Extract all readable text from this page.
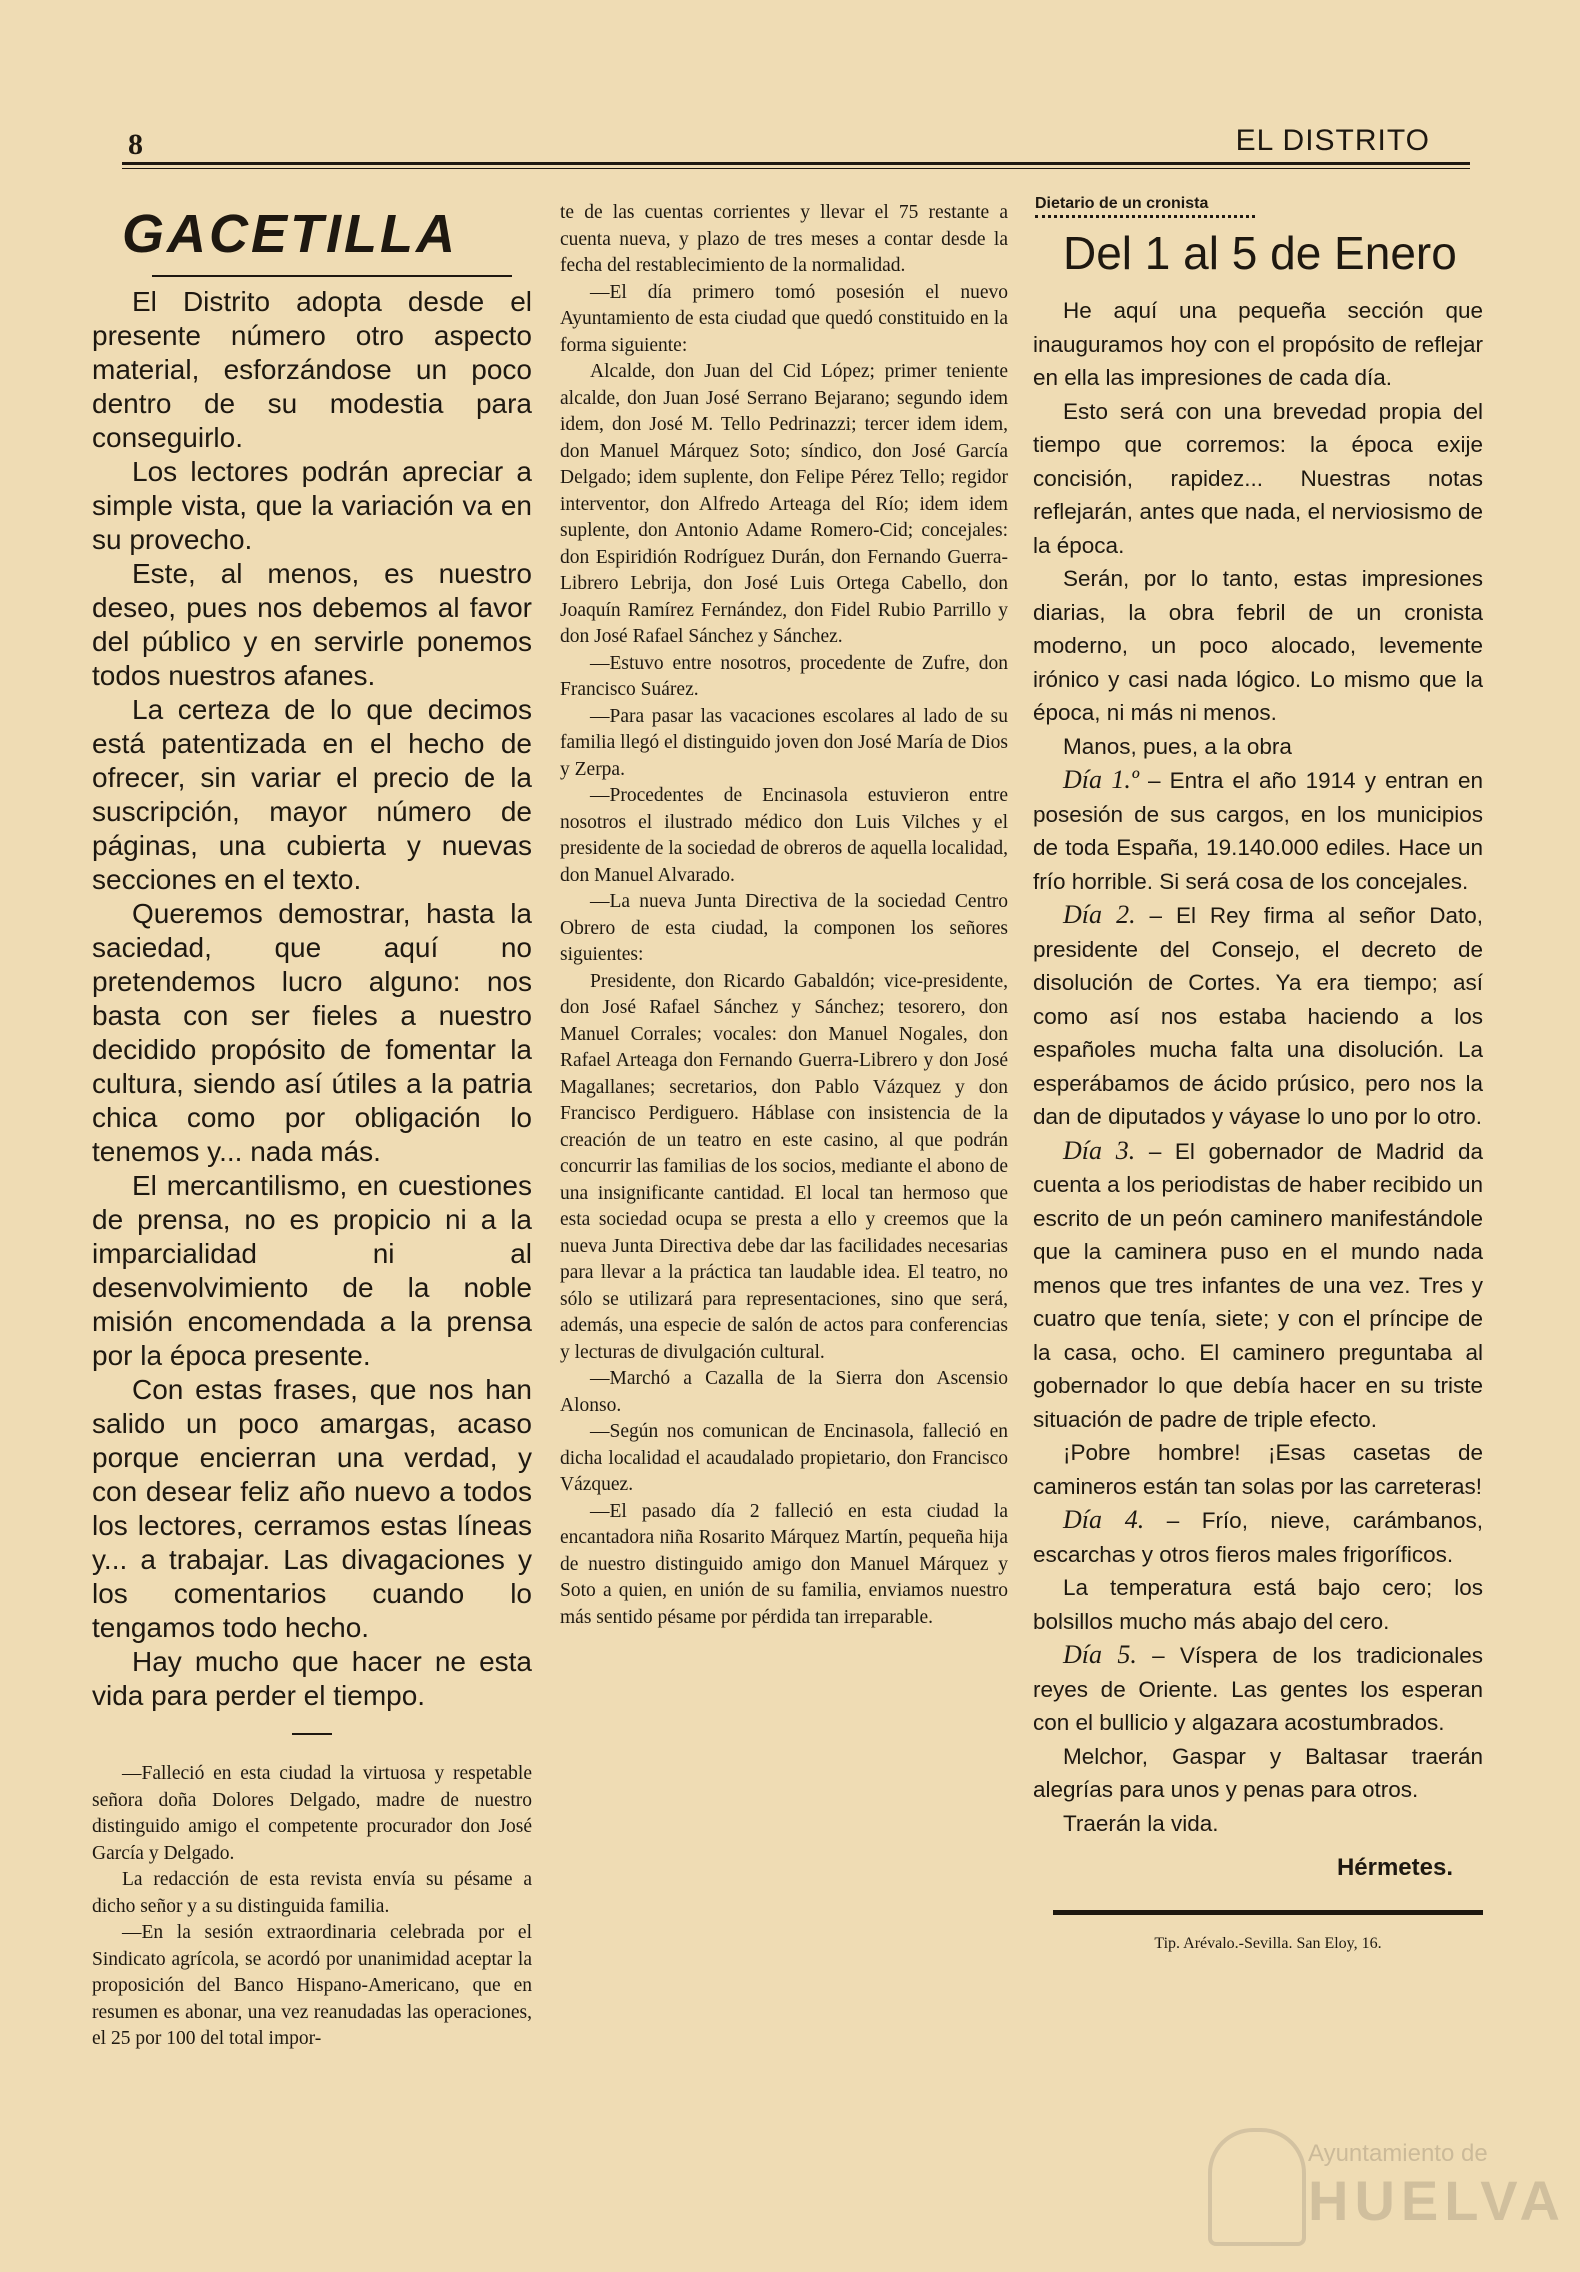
8	EL DISTRITO
GACETILLA

El Distrito adopta desde el presente número otro aspecto material, esforzándose un poco dentro de su modestia para conseguirlo.

Los lectores podrán apreciar a simple vista, que la variación va en su provecho.

Este, al menos, es nuestro deseo, pues nos debemos al favor del público y en servirle ponemos todos nuestros afanes.

La certeza de lo que decimos está patentizada en el hecho de ofrecer, sin variar el precio de la suscripción, mayor número de páginas, una cubierta y nuevas secciones en el texto.

Queremos demostrar, hasta la saciedad, que aquí no pretendemos lucro alguno: nos basta con ser fieles a nuestro decidido propósito de fomentar la cultura, siendo así útiles a la patria chica como por obligación lo tenemos y... nada más.

El mercantilismo, en cuestiones de prensa, no es propicio ni a la imparcialidad ni al desenvolvimiento de la noble misión encomendada a la prensa por la época presente.

Con estas frases, que nos han salido un poco amargas, acaso porque encierran una verdad, y con desear feliz año nuevo a todos los lectores, cerramos estas líneas y... a trabajar. Las divagaciones y los comentarios cuando lo tengamos todo hecho.

Hay mucho que hacer ne esta vida para perder el tiempo.

—Falleció en esta ciudad la virtuosa y respetable señora doña Dolores Delgado, madre de nuestro distinguido amigo el competente procurador don José García y Delgado.

La redacción de esta revista envía su pésame a dicho señor y a su distinguida familia.

—En la sesión extraordinaria celebrada por el Sindicato agrícola, se acordó por unanimidad aceptar la proposición del Banco Hispano-Americano, que en resumen es abonar, una vez reanudadas las operaciones, el 25 por 100 del total impor-

te de las cuentas corrientes y llevar el 75 restante a cuenta nueva, y plazo de tres meses a contar desde la fecha del restablecimiento de la normalidad.

—El día primero tomó posesión el nuevo Ayuntamiento de esta ciudad que quedó constituido en la forma siguiente:

Alcalde, don Juan del Cid López; primer teniente alcalde, don Juan José Serrano Bejarano; segundo idem idem, don José M. Tello Pedrinazzi; tercer idem idem, don Manuel Márquez Soto; síndico, don José García Delgado; idem suplente, don Felipe Pérez Tello; regidor interventor, don Alfredo Arteaga del Río; idem idem suplente, don Antonio Adame Romero-Cid; concejales: don Espiridión Rodríguez Durán, don Fernando Guerra-Librero Lebrija, don José Luis Ortega Cabello, don Joaquín Ramírez Fernández, don Fidel Rubio Parrillo y don José Rafael Sánchez y Sánchez.

—Estuvo entre nosotros, procedente de Zufre, don Francisco Suárez.

—Para pasar las vacaciones escolares al lado de su familia llegó el distinguido joven don José María de Dios y Zerpa.

—Procedentes de Encinasola estuvieron entre nosotros el ilustrado médico don Luis Vilches y el presidente de la sociedad de obreros de aquella localidad, don Manuel Alvarado.

—La nueva Junta Directiva de la sociedad Centro Obrero de esta ciudad, la componen los señores siguientes:

Presidente, don Ricardo Gabaldón; vice-presidente, don José Rafael Sánchez y Sánchez; tesorero, don Manuel Corrales; vocales: don Manuel Nogales, don Rafael Arteaga don Fernando Guerra-Librero y don José Magallanes; secretarios, don Pablo Vázquez y don Francisco Perdiguero. Háblase con insistencia de la creación de un teatro en este casino, al que podrán concurrir las familias de los socios, mediante el abono de una insignificante cantidad. El local tan hermoso que esta sociedad ocupa se presta a ello y creemos que la nueva Junta Directiva debe dar las facilidades necesarias para llevar a la práctica tan laudable idea. El teatro, no sólo se utilizará para representaciones, sino que será, además, una especie de salón de actos para conferencias y lecturas de divulgación cultural.

—Marchó a Cazalla de la Sierra don Ascensio Alonso.

—Según nos comunican de Encinasola, falleció en dicha localidad el acaudalado propietario, don Francisco Vázquez.

—El pasado día 2 falleció en esta ciudad la encantadora niña Rosarito Márquez Martín, pequeña hija de nuestro distinguido amigo don Manuel Márquez y Soto a quien, en unión de su familia, enviamos nuestro más sentido pésame por pérdida tan irreparable.

Dietario de un cronista
Del 1 al 5 de Enero

He aquí una pequeña sección que inauguramos hoy con el propósito de reflejar en ella las impresiones de cada día.

Esto será con una brevedad propia del tiempo que corremos: la época exije concisión, rapidez... Nuestras notas reflejarán, antes que nada, el nerviosismo de la época.

Serán, por lo tanto, estas impresiones diarias, la obra febril de un cronista moderno, un poco alocado, levemente irónico y casi nada lógico. Lo mismo que la época, ni más ni menos.

Manos, pues, a la obra

Día 1.º – Entra el año 1914 y entran en posesión de sus cargos, en los municipios de toda España, 19.140.000 ediles. Hace un frío horrible. Si será cosa de los concejales.

Día 2. – El Rey firma al señor Dato, presidente del Consejo, el decreto de disolución de Cortes. Ya era tiempo; así como así nos estaba haciendo a los españoles mucha falta una disolución. La esperábamos de ácido prúsico, pero nos la dan de diputados y váyase lo uno por lo otro.

Día 3. – El gobernador de Madrid da cuenta a los periodistas de haber recibido un escrito de un peón caminero manifestándole que la caminera puso en el mundo nada menos que tres infantes de una vez. Tres y cuatro que tenía, siete; y con el príncipe de la casa, ocho. El caminero preguntaba al gobernador lo que debía hacer en su triste situación de padre de triple efecto.

¡Pobre hombre! ¡Esas casetas de camineros están tan solas por las carreteras!

Día 4. – Frío, nieve, carámbanos, escarchas y otros fieros males frigoríficos.

La temperatura está bajo cero; los bolsillos mucho más abajo del cero.

Día 5. – Víspera de los tradicionales reyes de Oriente. Las gentes los esperan con el bullicio y algazara acostumbrados.

Melchor, Gaspar y Baltasar traerán alegrías para unos y penas para otros.

Traerán la vida.

Hérmetes.
Tip. Arévalo.-Sevilla. San Eloy, 16.
Ayuntamiento de
HUELVA
